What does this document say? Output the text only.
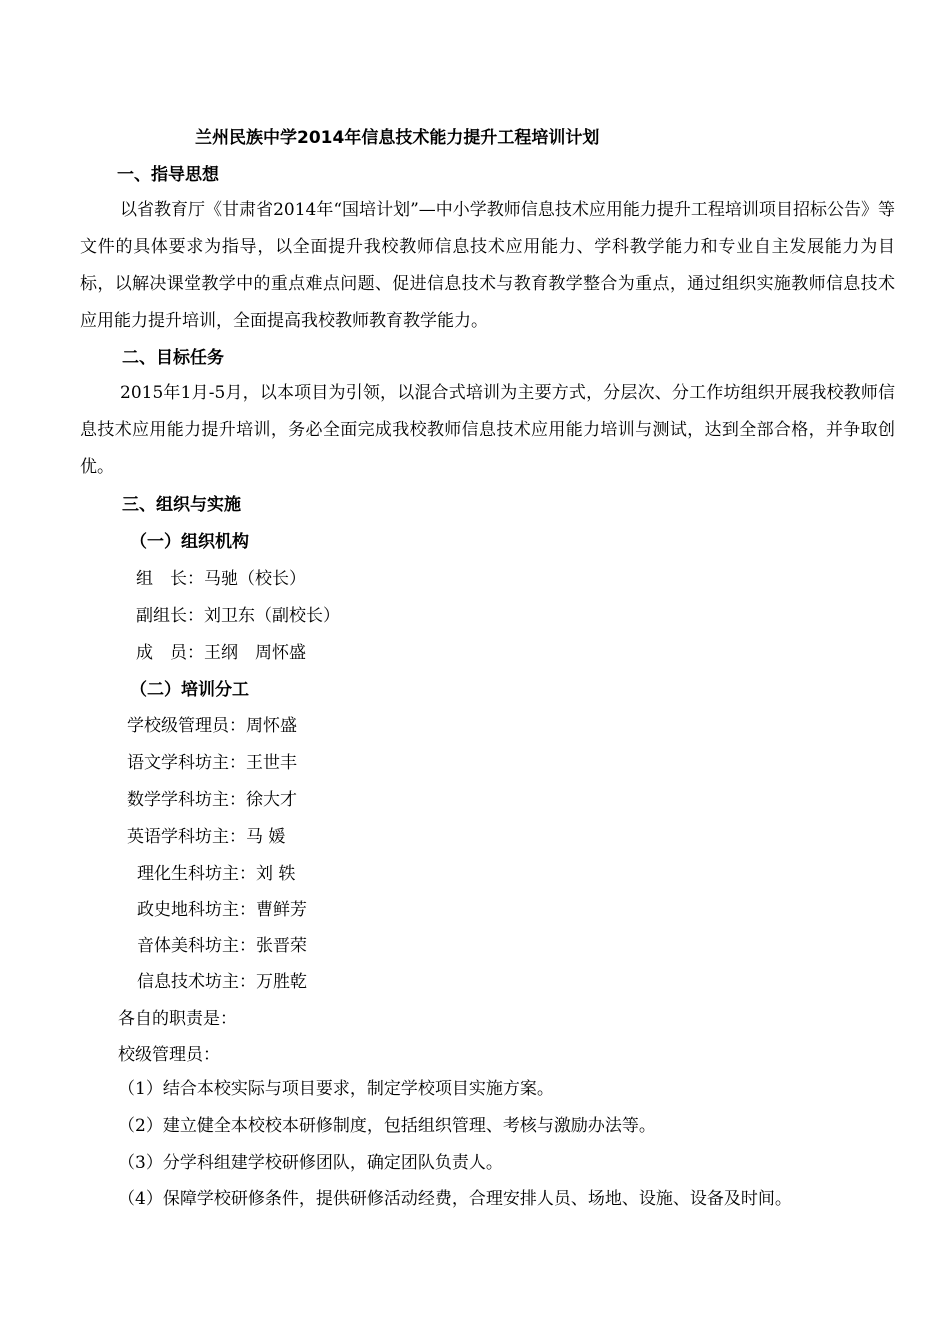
兰州民族中学2014年信息技术能力提升工程培训计划
一、指导思想
以省教育厅《甘肃省2014年“国培计划”—中小学教师信息技术应用能力提升工程培训项目招标公告》等文件的具体要求为指导，以全面提升我校教师信息技术应用能力、学科教学能力和专业自主发展能力为目标，以解决课堂教学中的重点难点问题、促进信息技术与教育教学整合为重点，通过组织实施教师信息技术应用能力提升培训，全面提高我校教师教育教学能力。
二、目标任务
2015年1月-5月，以本项目为引领，以混合式培训为主要方式，分层次、分工作坊组织开展我校教师信息技术应用能力提升培训，务必全面完成我校教师信息技术应用能力培训与测试，达到全部合格，并争取创优。
三、组织与实施
（一）组织机构
组　长：马驰（校长）
副组长：刘卫东（副校长）
成　员：王纲　周怀盛
（二）培训分工
学校级管理员：周怀盛
语文学科坊主：王世丰
数学学科坊主：徐大才
英语学科坊主：马 媛
理化生科坊主：刘 轶
政史地科坊主：曹鲜芳
音体美科坊主：张晋荣
信息技术坊主：万胜乾
各自的职责是：
校级管理员：
（1）结合本校实际与项目要求，制定学校项目实施方案。
（2）建立健全本校校本研修制度，包括组织管理、考核与激励办法等。
（3）分学科组建学校研修团队，确定团队负责人。
（4）保障学校研修条件，提供研修活动经费，合理安排人员、场地、设施、设备及时间。
